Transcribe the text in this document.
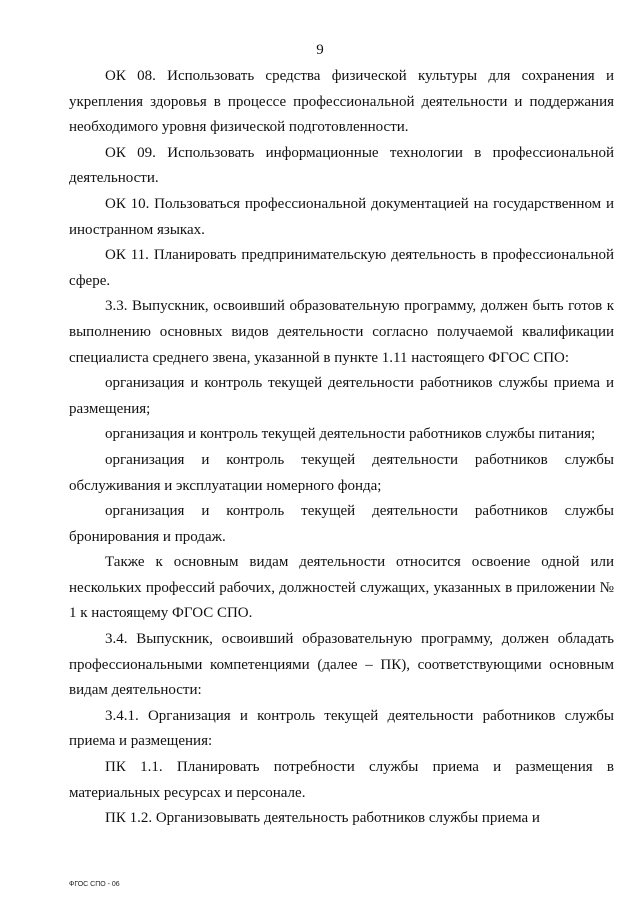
9

ОК 08. Использовать средства физической культуры для сохранения и укрепления здоровья в процессе профессиональной деятельности и поддержания необходимого уровня физической подготовленности.

ОК 09. Использовать информационные технологии в профессиональной деятельности.

ОК 10. Пользоваться профессиональной документацией на государственном и иностранном языках.

ОК 11. Планировать предпринимательскую деятельность в профессиональной сфере.

3.3. Выпускник, освоивший образовательную программу, должен быть готов к выполнению основных видов деятельности согласно получаемой квалификации специалиста среднего звена, указанной в пункте 1.11 настоящего ФГОС СПО:

организация и контроль текущей деятельности работников службы приема и размещения;

организация и контроль текущей деятельности работников службы питания;

организация и контроль текущей деятельности работников службы обслуживания и эксплуатации номерного фонда;

организация и контроль текущей деятельности работников службы бронирования и продаж.

Также к основным видам деятельности относится освоение одной или нескольких профессий рабочих, должностей служащих, указанных в приложении № 1 к настоящему ФГОС СПО.

3.4. Выпускник, освоивший образовательную программу, должен обладать профессиональными компетенциями (далее – ПК), соответствующими основным видам деятельности:

3.4.1. Организация и контроль текущей деятельности работников службы приема и размещения:

ПК 1.1. Планировать потребности службы приема и размещения в материальных ресурсах и персонале.

ПК 1.2. Организовывать деятельность работников службы приема и

ФГОС СПО - 06
